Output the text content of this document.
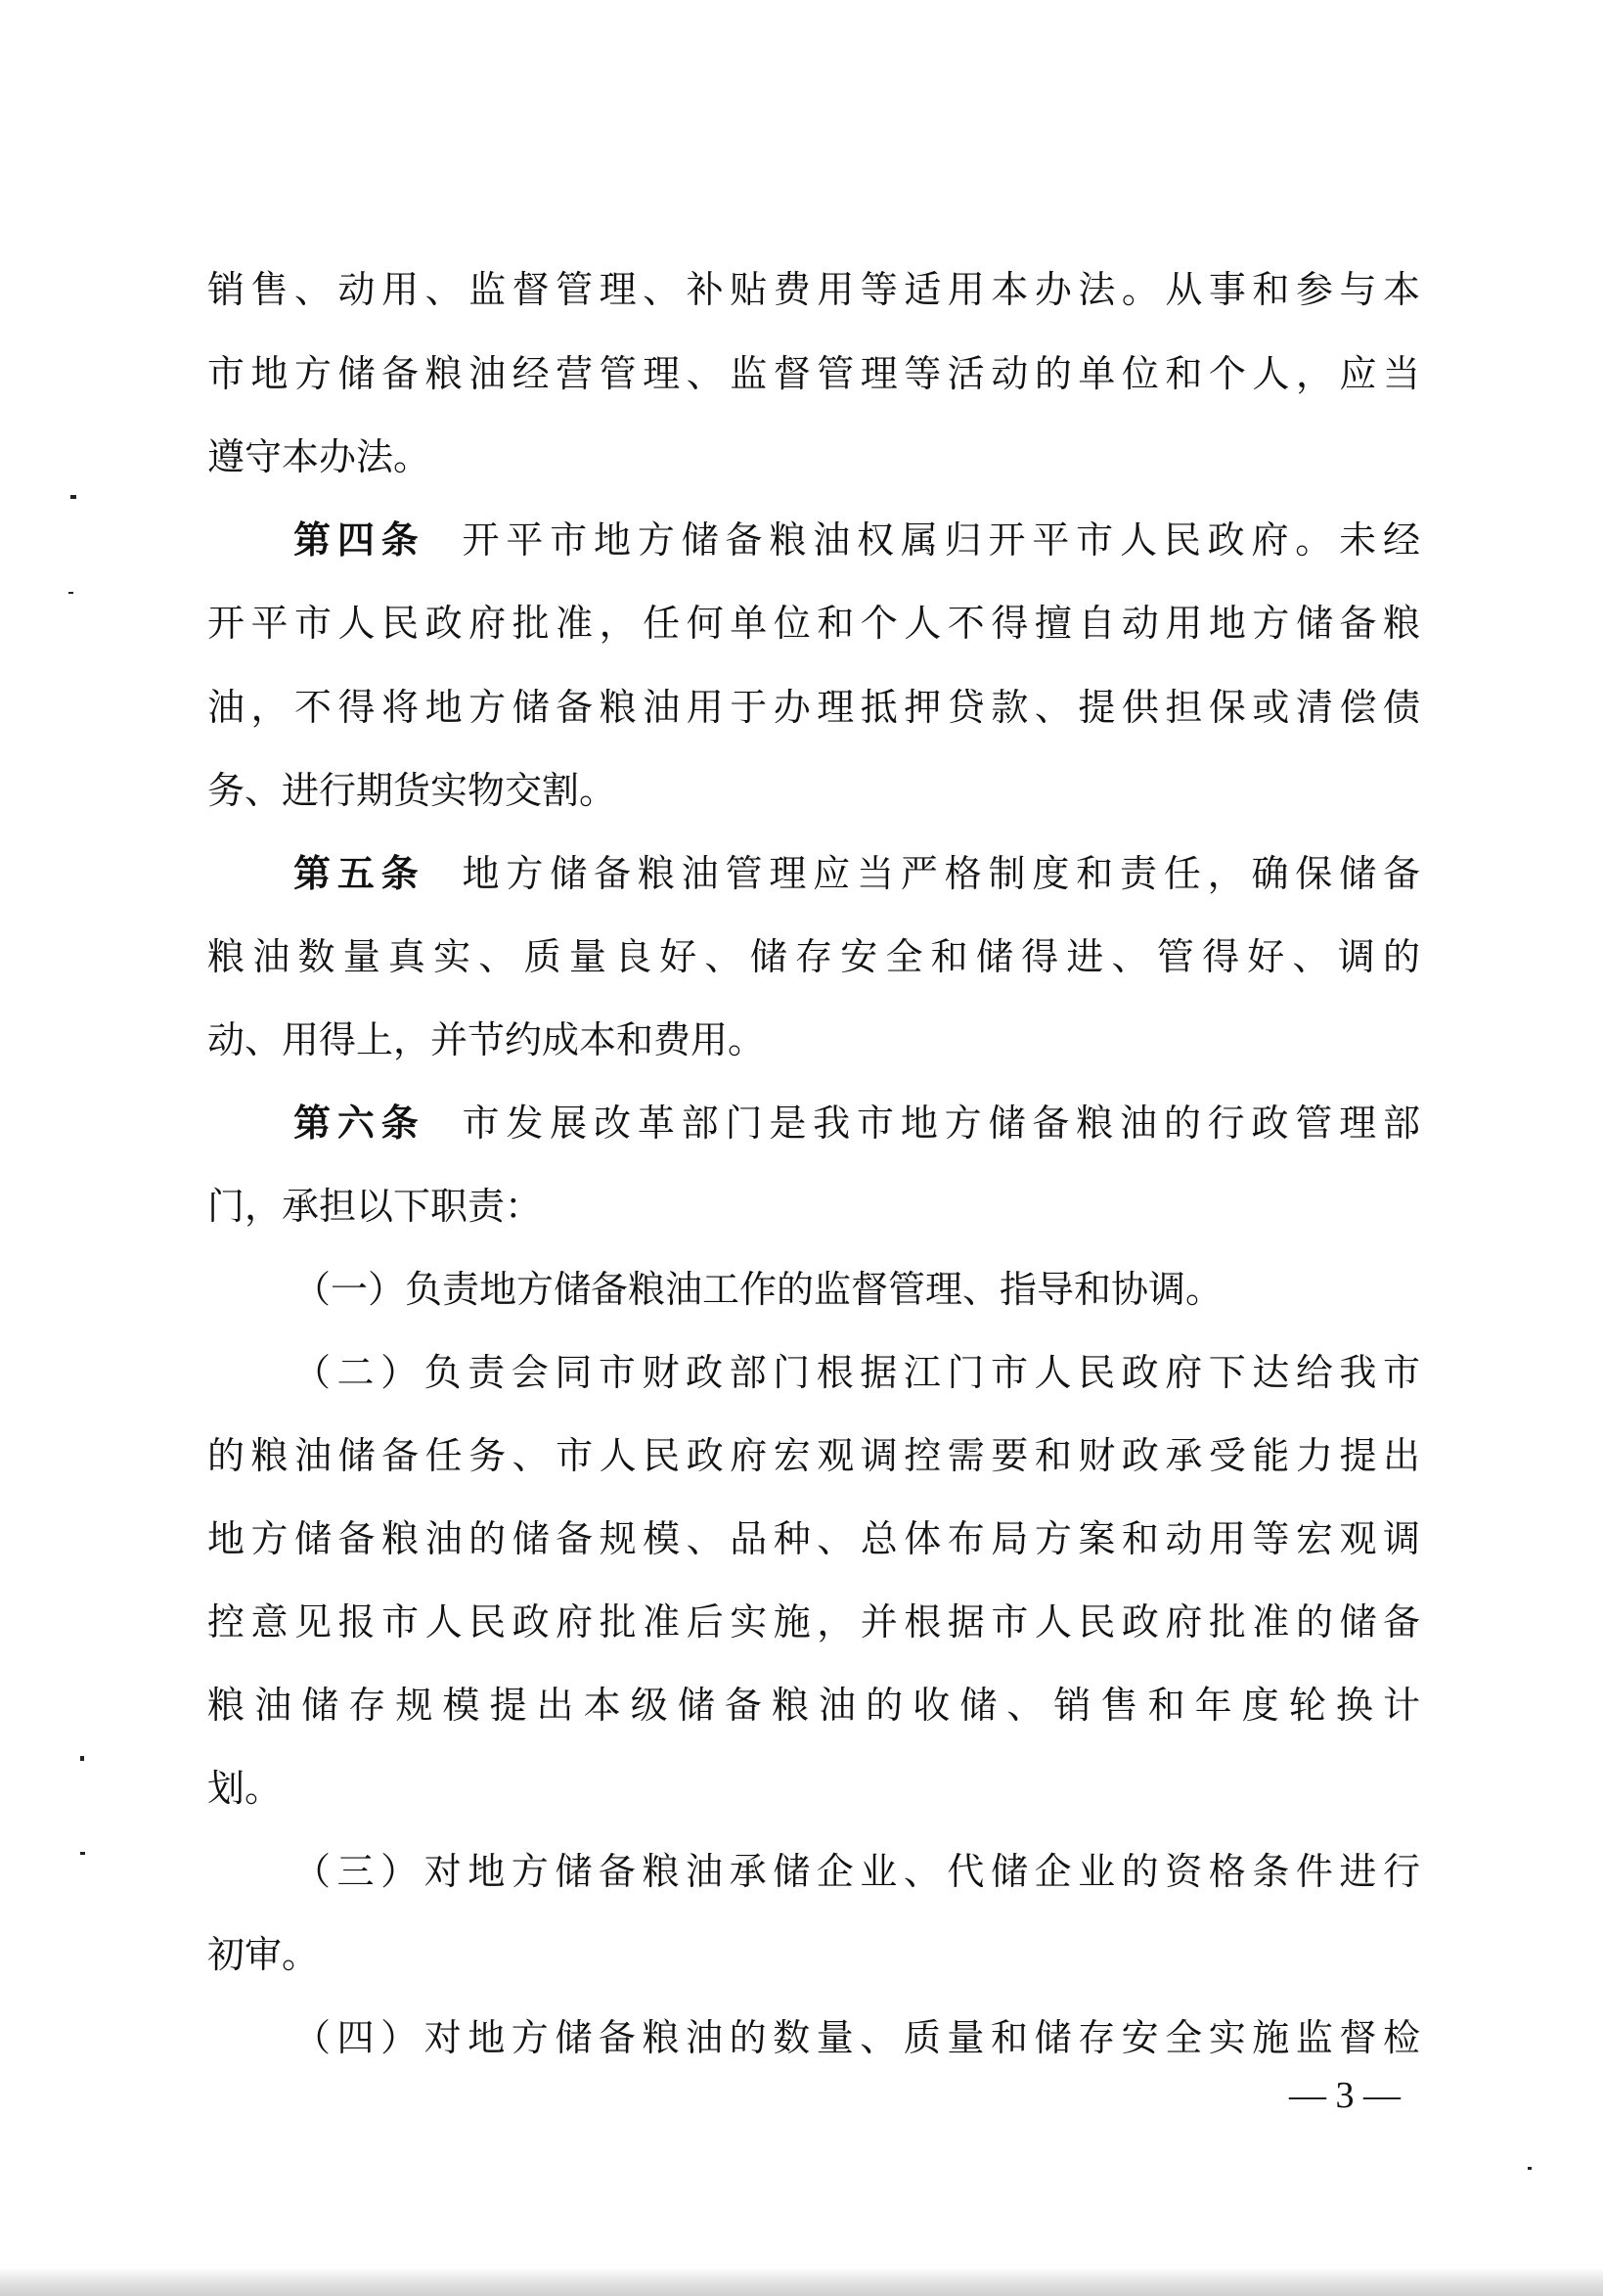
销售、动用、监督管理、补贴费用等适用本办法。从事和参与本
市地方储备粮油经营管理、监督管理等活动的单位和个人，应当
遵守本办法。
第四条 开平市地方储备粮油权属归开平市人民政府。未经
开平市人民政府批准，任何单位和个人不得擅自动用地方储备粮
油，不得将地方储备粮油用于办理抵押贷款、提供担保或清偿债
务、进行期货实物交割。
第五条 地方储备粮油管理应当严格制度和责任，确保储备
粮油数量真实、质量良好、储存安全和储得进、管得好、调的
动、用得上，并节约成本和费用。
第六条 市发展改革部门是我市地方储备粮油的行政管理部
门，承担以下职责：
（一）负责地方储备粮油工作的监督管理、指导和协调。
（二）负责会同市财政部门根据江门市人民政府下达给我市
的粮油储备任务、市人民政府宏观调控需要和财政承受能力提出
地方储备粮油的储备规模、品种、总体布局方案和动用等宏观调
控意见报市人民政府批准后实施，并根据市人民政府批准的储备
粮油储存规模提出本级储备粮油的收储、销售和年度轮换计
划。
（三）对地方储备粮油承储企业、代储企业的资格条件进行
初审。
（四）对地方储备粮油的数量、质量和储存安全实施监督检
— 3 —
